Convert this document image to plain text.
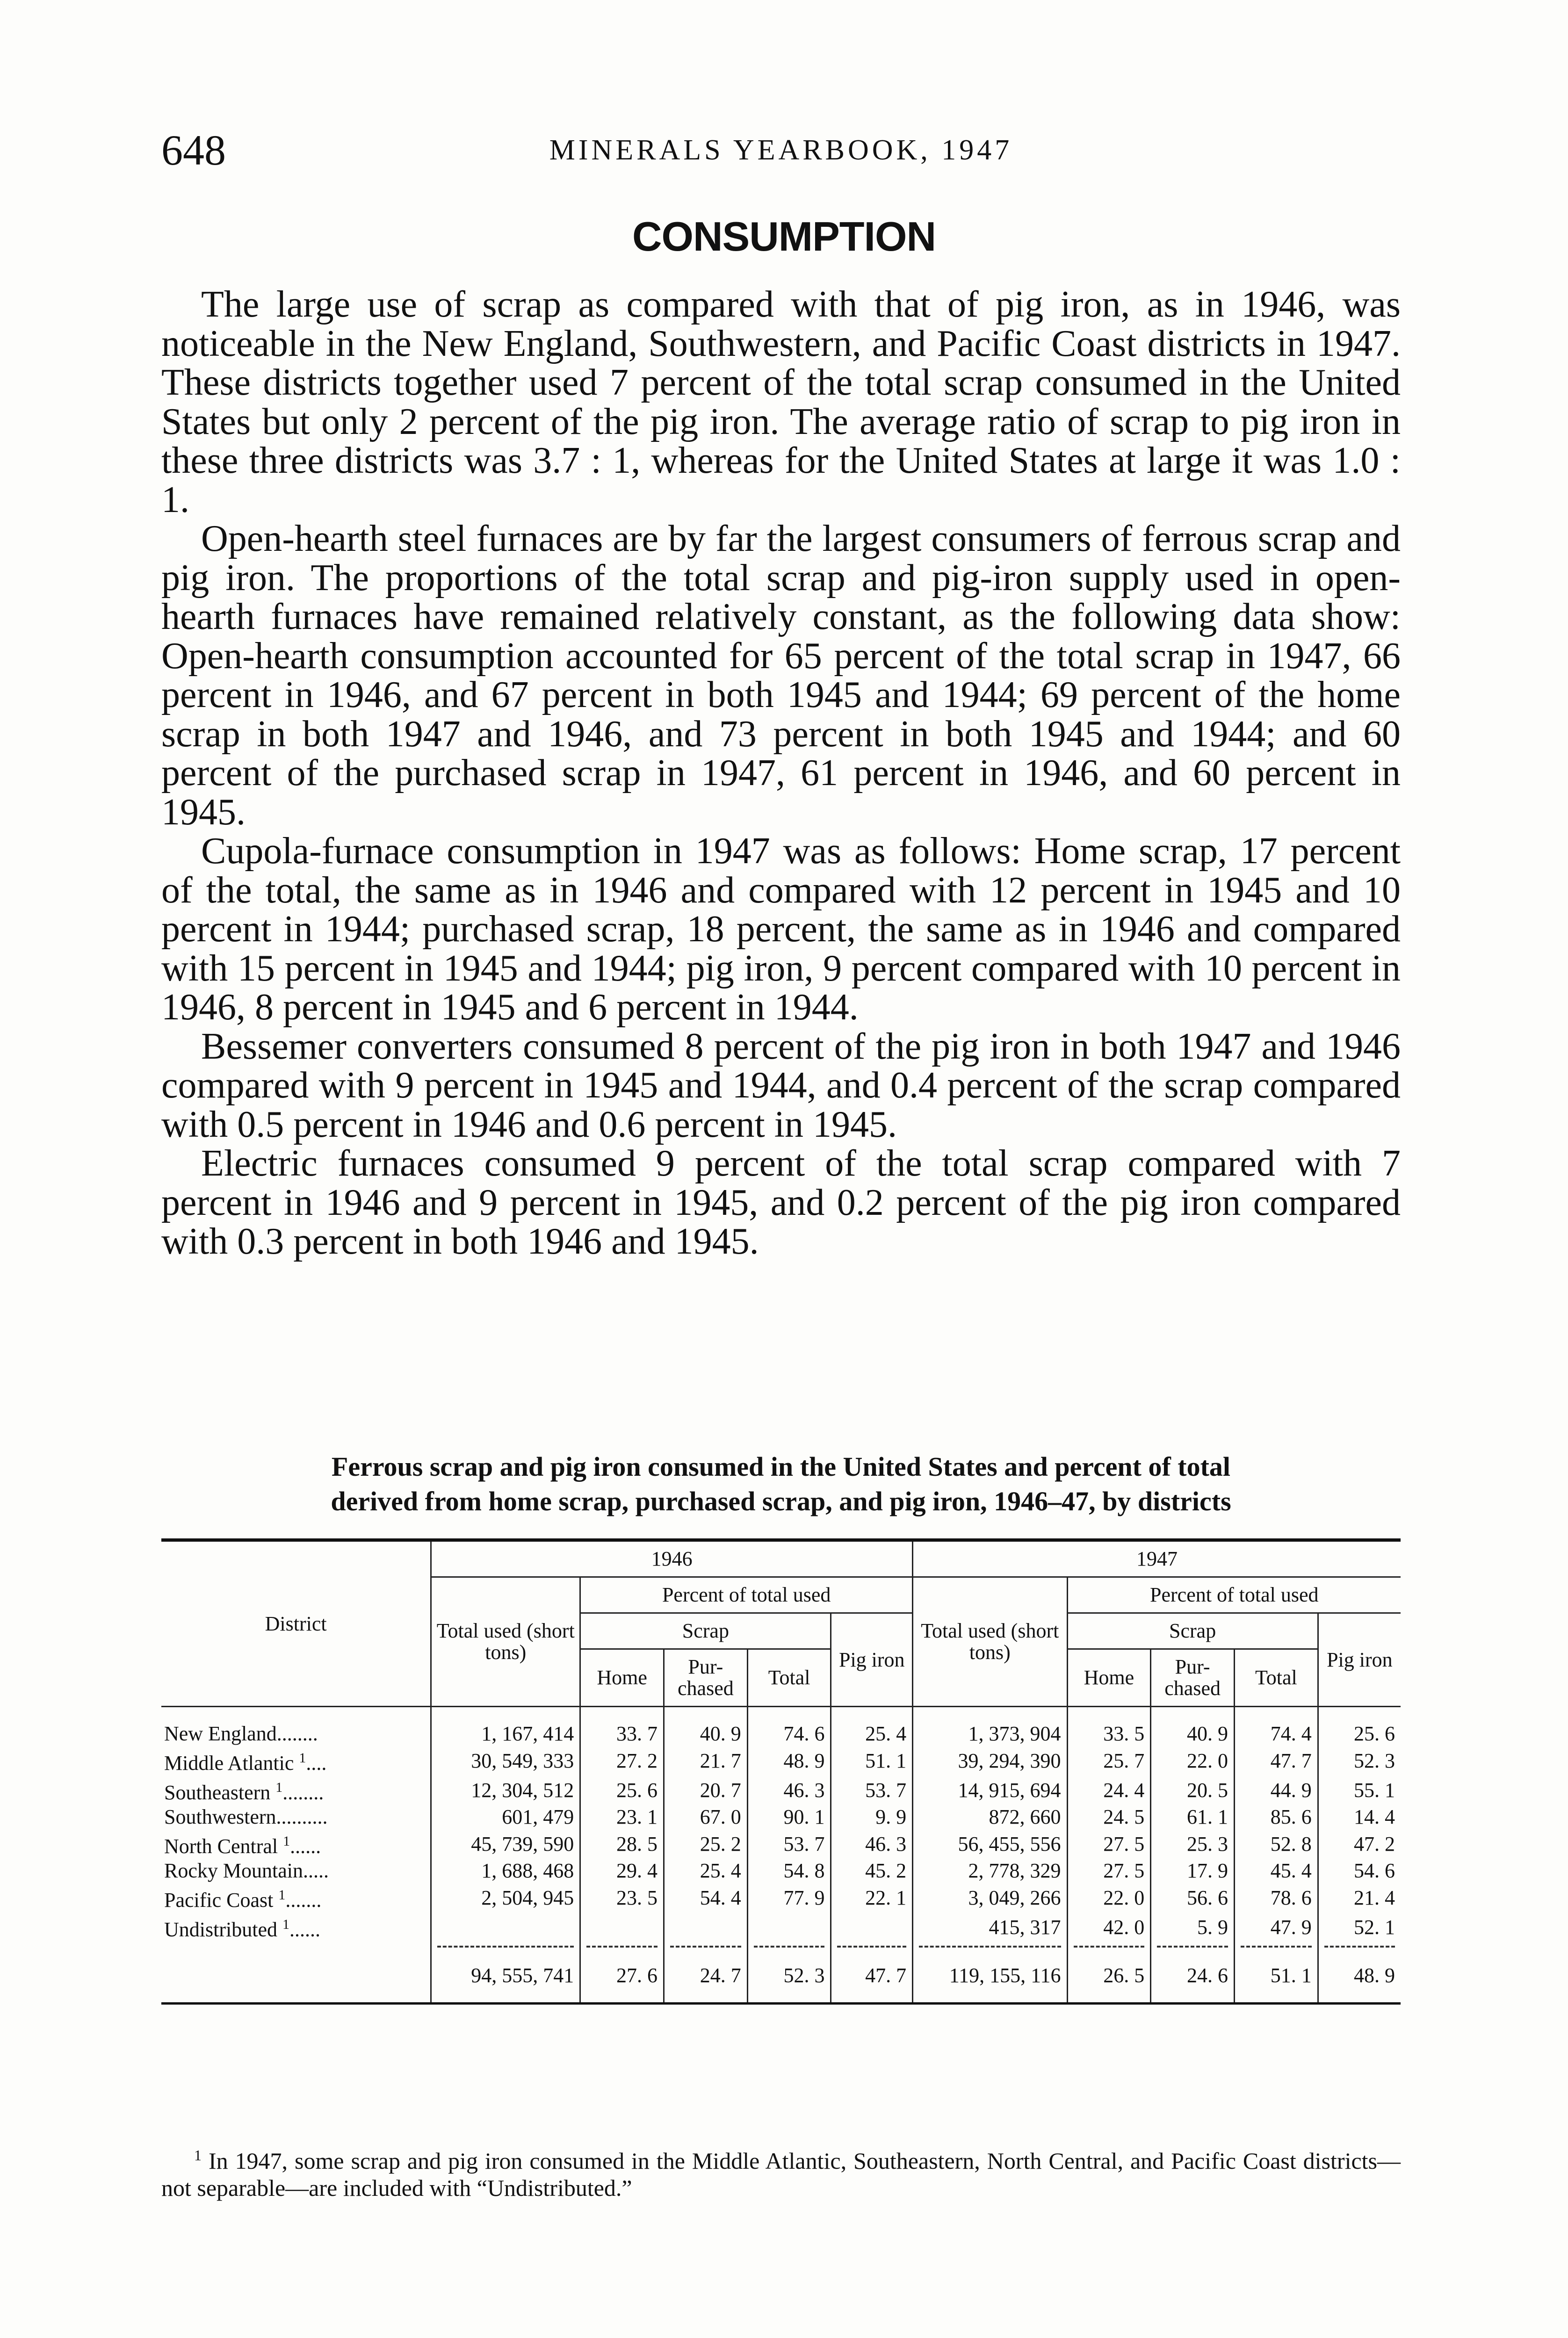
648	MINERALS YEARBOOK, 1947
CONSUMPTION

The large use of scrap as compared with that of pig iron, as in 1946, was noticeable in the New England, Southwestern, and Pacific Coast districts in 1947. These districts together used 7 percent of the total scrap consumed in the United States but only 2 percent of the pig iron. The average ratio of scrap to pig iron in these three districts was 3.7 : 1, whereas for the United States at large it was 1.0 : 1.

Open-hearth steel furnaces are by far the largest consumers of ferrous scrap and pig iron. The proportions of the total scrap and pig-iron supply used in open-hearth furnaces have remained relatively constant, as the following data show: Open-hearth consumption accounted for 65 percent of the total scrap in 1947, 66 percent in 1946, and 67 percent in both 1945 and 1944; 69 percent of the home scrap in both 1947 and 1946, and 73 percent in both 1945 and 1944; and 60 percent of the purchased scrap in 1947, 61 percent in 1946, and 60 percent in 1945.

Cupola-furnace consumption in 1947 was as follows: Home scrap, 17 percent of the total, the same as in 1946 and compared with 12 percent in 1945 and 10 percent in 1944; purchased scrap, 18 percent, the same as in 1946 and compared with 15 percent in 1945 and 1944; pig iron, 9 percent compared with 10 percent in 1946, 8 percent in 1945 and 6 percent in 1944.

Bessemer converters consumed 8 percent of the pig iron in both 1947 and 1946 compared with 9 percent in 1945 and 1944, and 0.4 percent of the scrap compared with 0.5 percent in 1946 and 0.6 percent in 1945.

Electric furnaces consumed 9 percent of the total scrap compared with 7 percent in 1946 and 9 percent in 1945, and 0.2 percent of the pig iron compared with 0.3 percent in both 1946 and 1945.

Ferrous scrap and pig iron consumed in the United States and percent of total
derived from home scrap, purchased scrap, and pig iron, 1946–47, by districts
District	1946					1947				
	Total used (short tons)	Percent of total used				Total used (short tons)	Percent of total used			
		Scrap			Pig iron		Scrap			Pig iron
		Home	Pur-chased	Total			Home	Pur-chased	Total	
New England........	1, 167, 414	33. 7	40. 9	74. 6	25. 4	1, 373, 904	33. 5	40. 9	74. 4	25. 6
Middle Atlantic $^1$....	30, 549, 333	27. 2	21. 7	48. 9	51. 1	39, 294, 390	25. 7	22. 0	47. 7	52. 3
Southeastern $^1$........	12, 304, 512	25. 6	20. 7	46. 3	53. 7	14, 915, 694	24. 4	20. 5	44. 9	55. 1
Southwestern..........	601, 479	23. 1	67. 0	90. 1	9. 9	872, 660	24. 5	61. 1	85. 6	14. 4
North Central $^1$......	45, 739, 590	28. 5	25. 2	53. 7	46. 3	56, 455, 556	27. 5	25. 3	52. 8	47. 2
Rocky Mountain.....	1, 688, 468	29. 4	25. 4	54. 8	45. 2	2, 778, 329	27. 5	17. 9	45. 4	54. 6
Pacific Coast $^1$.......	2, 504, 945	23. 5	54. 4	77. 9	22. 1	3, 049, 266	22. 0	56. 6	78. 6	21. 4
Undistributed $^1$......						415, 317	42. 0	5. 9	47. 9	52. 1

	94, 555, 741	27. 6	24. 7	52. 3	47. 7	119, 155, 116	26. 5	24. 6	51. 1	48. 9
$^1$ In 1947, some scrap and pig iron consumed in the Middle Atlantic, Southeastern, North Central, and Pacific Coast districts—not separable—are included with “Undistributed.”
